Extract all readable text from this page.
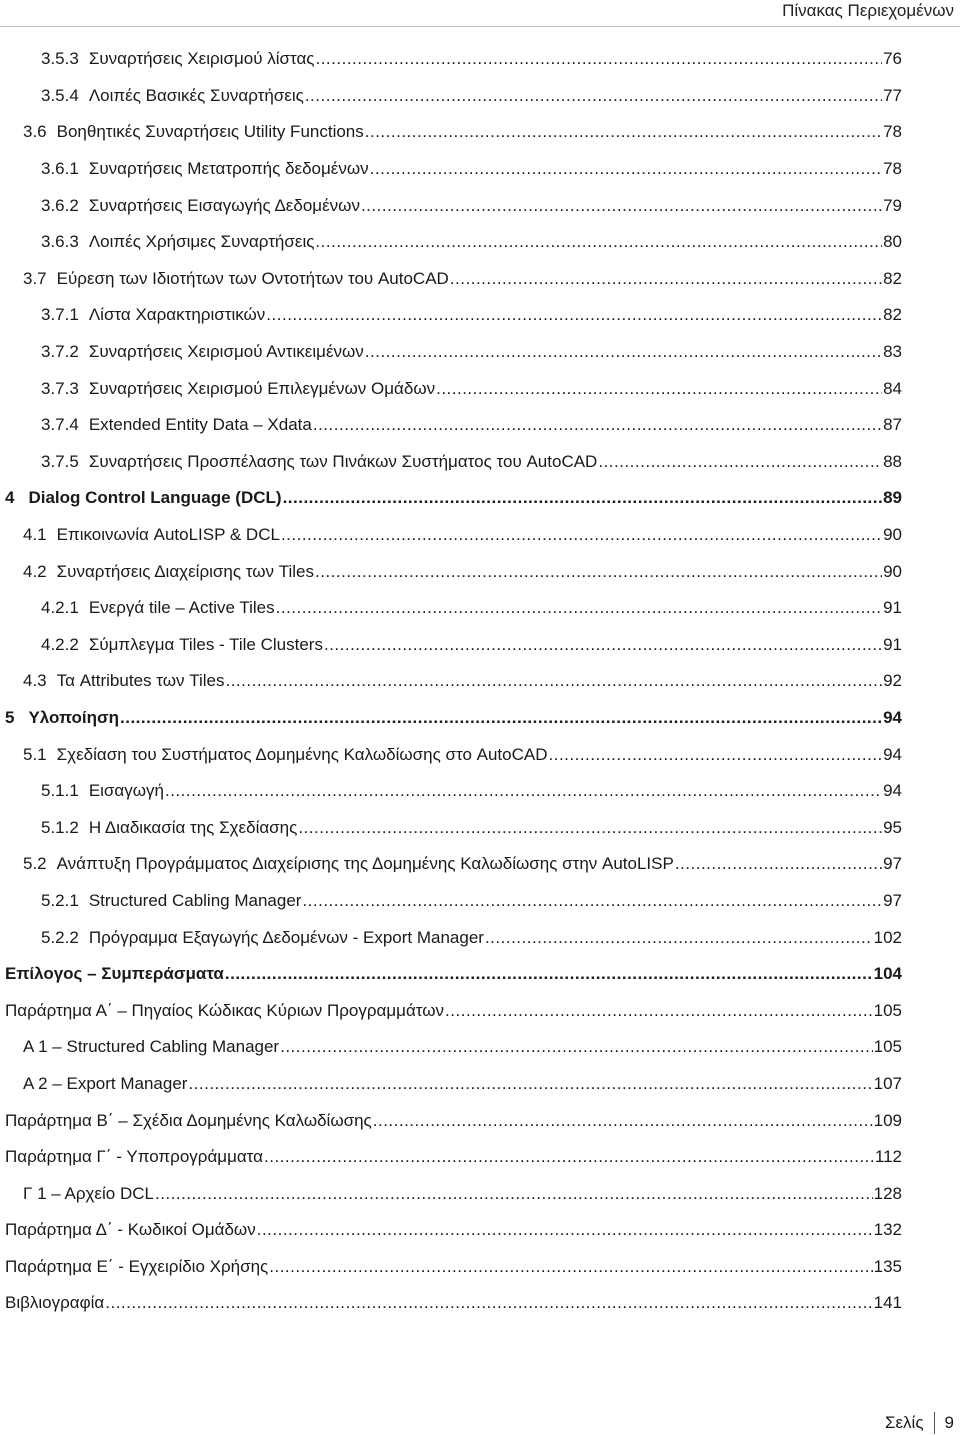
Πίνακας Περιεχομένων
3.5.3 Συναρτήσεις Χειρισμού λίστας .....	76
3.5.4 Λοιπές Βασικές Συναρτήσεις .....	77
3.6 Βοηθητικές Συναρτήσεις Utility Functions .....	78
3.6.1 Συναρτήσεις Μετατροπής δεδομένων .....	78
3.6.2 Συναρτήσεις Εισαγωγής Δεδομένων .....	79
3.6.3 Λοιπές Χρήσιμες Συναρτήσεις .....	80
3.7 Εύρεση των Ιδιοτήτων των Οντοτήτων του AutoCAD .....	82
3.7.1 Λίστα Χαρακτηριστικών .....	82
3.7.2 Συναρτήσεις Χειρισμού Αντικειμένων .....	83
3.7.3 Συναρτήσεις Χειρισμού Επιλεγμένων Ομάδων .....	84
3.7.4 Extended Entity Data – Xdata .....	87
3.7.5 Συναρτήσεις Προσπέλασης των Πινάκων Συστήματος του AutoCAD .....	88
4 Dialog Control Language (DCL) .....	89
4.1 Επικοινωνία AutoLISP & DCL .....	90
4.2 Συναρτήσεις Διαχείρισης των Tiles .....	90
4.2.1 Ενεργά tile – Active Tiles .....	91
4.2.2 Σύμπλεγμα Tiles - Tile Clusters .....	91
4.3 Τα Attributes των Tiles .....	92
5 Υλοποίηση .....	94
5.1 Σχεδίαση του Συστήματος Δομημένης Καλωδίωσης στο AutoCAD .....	94
5.1.1 Εισαγωγή .....	94
5.1.2 Η Διαδικασία της Σχεδίασης .....	95
5.2 Ανάπτυξη Προγράμματος Διαχείρισης της Δομημένης Καλωδίωσης στην AutoLISP .....	97
5.2.1 Structured Cabling Manager .....	97
5.2.2 Πρόγραμμα Εξαγωγής Δεδομένων - Export Manager .....	102
Επίλογος – Συμπεράσματα .....	104
Παράρτημα Α΄ – Πηγαίος Κώδικας Κύριων Προγραμμάτων .....	105
Α 1 – Structured Cabling Manager .....	105
Α 2 – Export Manager .....	107
Παράρτημα Β΄ – Σχέδια Δομημένης Καλωδίωσης .....	109
Παράρτημα Γ΄ - Υποπρογράμματα .....	112
Γ 1 – Αρχείο DCL .....	128
Παράρτημα Δ΄ - Κωδικοί Ομάδων .....	132
Παράρτημα Ε΄ - Εγχειρίδιο Χρήσης .....	135
Βιβλιογραφία .....	141
Σελίς 9
